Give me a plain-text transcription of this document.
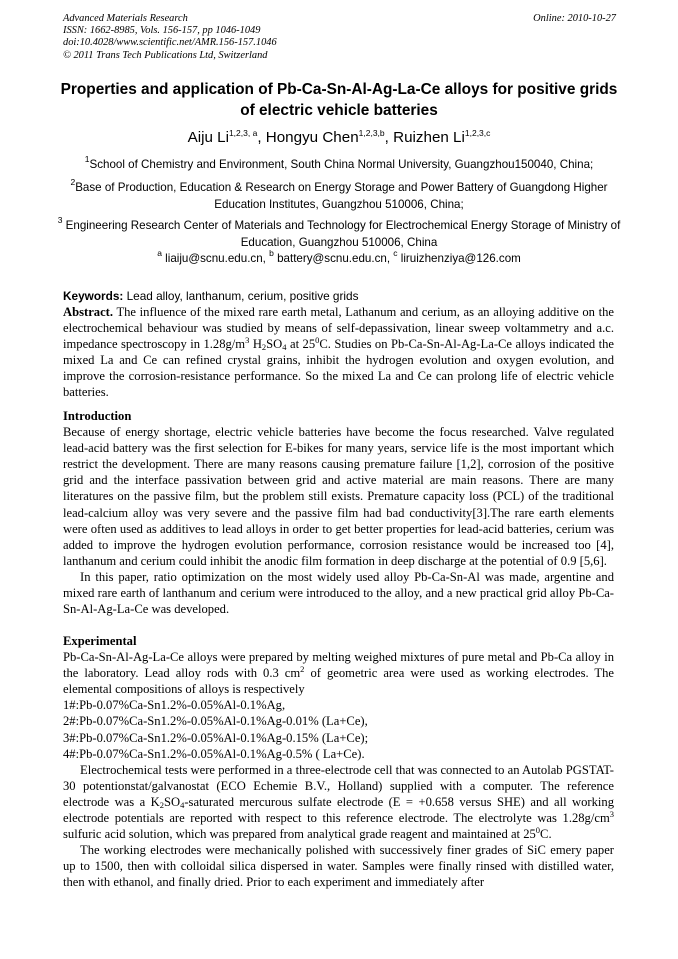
Advanced Materials Research
ISSN: 1662-8985, Vols. 156-157, pp 1046-1049
doi:10.4028/www.scientific.net/AMR.156-157.1046
© 2011 Trans Tech Publications Ltd, Switzerland
Online: 2010-10-27
Properties and application of Pb-Ca-Sn-Al-Ag-La-Ce alloys for positive grids of electric vehicle batteries
Aiju Li$^{1,2,3, a}$, Hongyu Chen$^{1,2,3,b}$, Ruizhen Li$^{1,2,3,c}$
$^1$School of Chemistry and Environment, South China Normal University, Guangzhou150040, China;
$^2$Base of Production, Education & Research on Energy Storage and Power Battery of Guangdong Higher Education Institutes, Guangzhou 510006, China;
$^3$ Engineering Research Center of Materials and Technology for Electrochemical Energy Storage of Ministry of Education, Guangzhou 510006, China
$^a$ liaiju@scnu.edu.cn, $^b$ battery@scnu.edu.cn, $^c$ liruizhenziya@126.com
Keywords: Lead alloy, lanthanum, cerium, positive grids
Abstract. The influence of the mixed rare earth metal, Lathanum and cerium, as an alloying additive on the electrochemical behaviour was studied by means of self-depassivation, linear sweep voltammetry and a.c. impedance spectroscopy in $1.28g/m^3$ $H_2SO_4$ at $25^0C$. Studies on Pb-Ca-Sn-Al-Ag-La-Ce alloys indicated the mixed La and Ce can refined crystal grains, inhibit the hydrogen evolution and oxygen evolution, and improve the corrosion-resistance performance. So the mixed La and Ce can prolong life of electric vehicle batteries.
Introduction

Because of energy shortage, electric vehicle batteries have become the focus researched. Valve regulated lead-acid battery was the first selection for E-bikes for many years, service life is the most important which restrict the development. There are many reasons causing premature failure [1,2], corrosion of the positive grid and the interface passivation between grid and active material are main reasons. There are many literatures on the passive film, but the problem still exists. Premature capacity loss (PCL) of the traditional lead-calcium alloy was very severe and the passive film had bad conductivity[3].The rare earth elements were often used as additives to lead alloys in order to get better properties for lead-acid batteries, cerium was added to improve the hydrogen evolution performance, corrosion resistance would be increased too [4], lanthanum and cerium could inhibit the anodic film formation in deep discharge at the potential of 0.9 [5,6].

In this paper, ratio optimization on the most widely used alloy Pb-Ca-Sn-Al was made, argentine and mixed rare earth of lanthanum and cerium were introduced to the alloy, and a new practical grid alloy Pb-Ca-Sn-Al-Ag-La-Ce was developed.

Experimental

Pb-Ca-Sn-Al-Ag-La-Ce alloys were prepared by melting weighed mixtures of pure metal and Pb-Ca alloy in the laboratory. Lead alloy rods with 0.3 $cm^2$ of geometric area were used as working electrodes. The elemental compositions of alloys is respectively

1#:Pb-0.07%Ca-Sn1.2%-0.05%Al-0.1%Ag,
2#:Pb-0.07%Ca-Sn1.2%-0.05%Al-0.1%Ag-0.01% (La+Ce),
3#:Pb-0.07%Ca-Sn1.2%-0.05%Al-0.1%Ag-0.15% (La+Ce);
4#:Pb-0.07%Ca-Sn1.2%-0.05%Al-0.1%Ag-0.5% ( La+Ce).

Electrochemical tests were performed in a three-electrode cell that was connected to an Autolab PGSTAT-30 potentionstat/galvanostat (ECO Echemie B.V., Holland) supplied with a computer. The reference electrode was a $K_2SO_4$-saturated mercurous sulfate electrode (E = +0.658 versus SHE) and all working electrode potentials are reported with respect to this reference electrode. The electrolyte was $1.28g/cm^3$ sulfuric acid solution, which was prepared from analytical grade reagent and maintained at $25^0C$.

The working electrodes were mechanically polished with successively finer grades of SiC emery paper up to 1500, then with colloidal silica dispersed in water. Samples were finally rinsed with distilled water, then with ethanol, and finally dried. Prior to each experiment and immediately after
